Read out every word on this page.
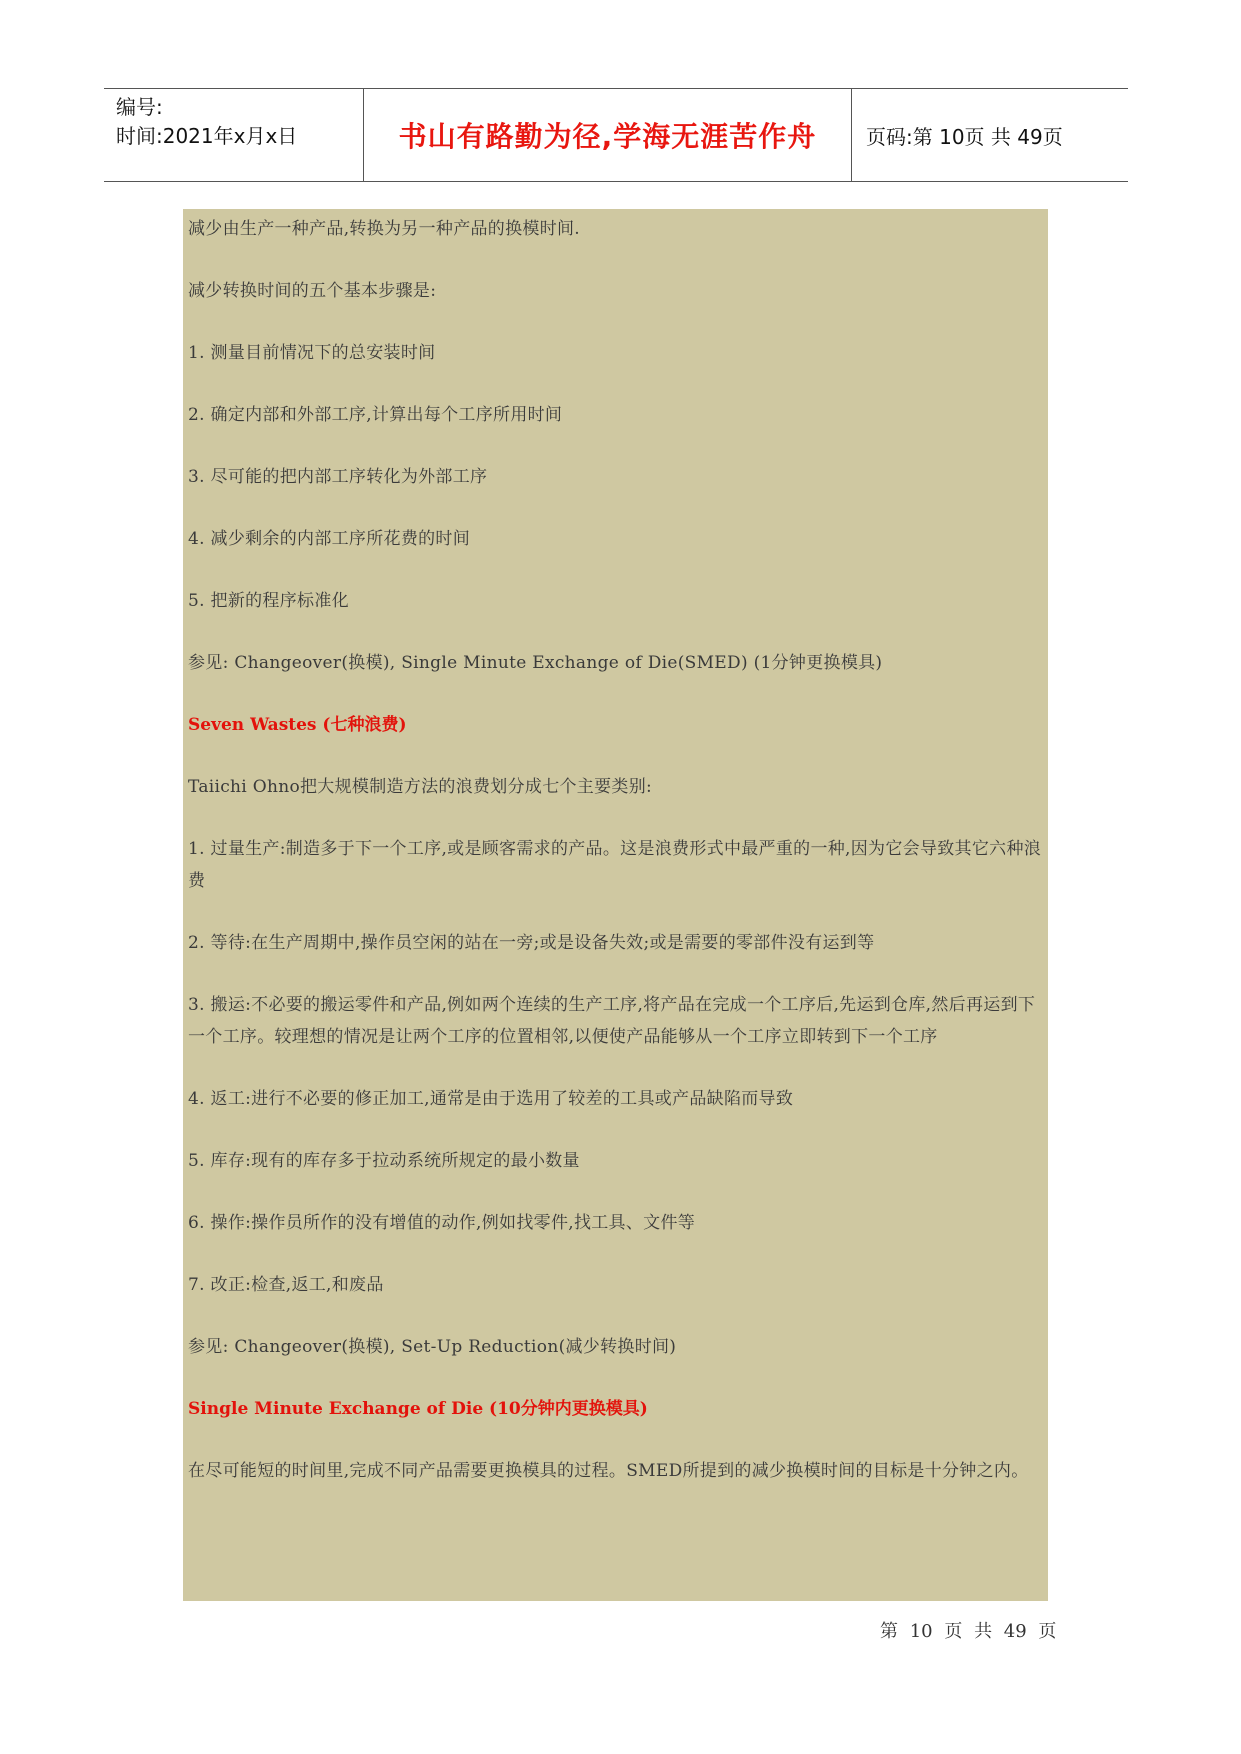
编号:
时间:2021年x月x日	书山有路勤为径,学海无涯苦作舟	页码:第 10页 共 49页

减少由生产一种产品,转换为另一种产品的换模时间.

减少转换时间的五个基本步骤是:

1. 测量目前情况下的总安装时间

2. 确定内部和外部工序,计算出每个工序所用时间

3. 尽可能的把内部工序转化为外部工序

4. 减少剩余的内部工序所花费的时间

5. 把新的程序标准化

参见: Changeover(换模), Single Minute Exchange of Die(SMED) (1分钟更换模具)

Seven Wastes (七种浪费)

Taiichi Ohno把大规模制造方法的浪费划分成七个主要类别:

1. 过量生产:制造多于下一个工序,或是顾客需求的产品。这是浪费形式中最严重的一种,因为它会导致其它六种浪费

2. 等待:在生产周期中,操作员空闲的站在一旁;或是设备失效;或是需要的零部件没有运到等

3. 搬运:不必要的搬运零件和产品,例如两个连续的生产工序,将产品在完成一个工序后,先运到仓库,然后再运到下一个工序。较理想的情况是让两个工序的位置相邻,以便使产品能够从一个工序立即转到下一个工序

4. 返工:进行不必要的修正加工,通常是由于选用了较差的工具或产品缺陷而导致

5. 库存:现有的库存多于拉动系统所规定的最小数量

6. 操作:操作员所作的没有增值的动作,例如找零件,找工具、文件等

7. 改正:检查,返工,和废品

参见: Changeover(换模), Set-Up Reduction(减少转换时间)

Single Minute Exchange of Die (10分钟内更换模具)

在尽可能短的时间里,完成不同产品需要更换模具的过程。SMED所提到的减少换模时间的目标是十分钟之内。

第 10 页 共 49 页
